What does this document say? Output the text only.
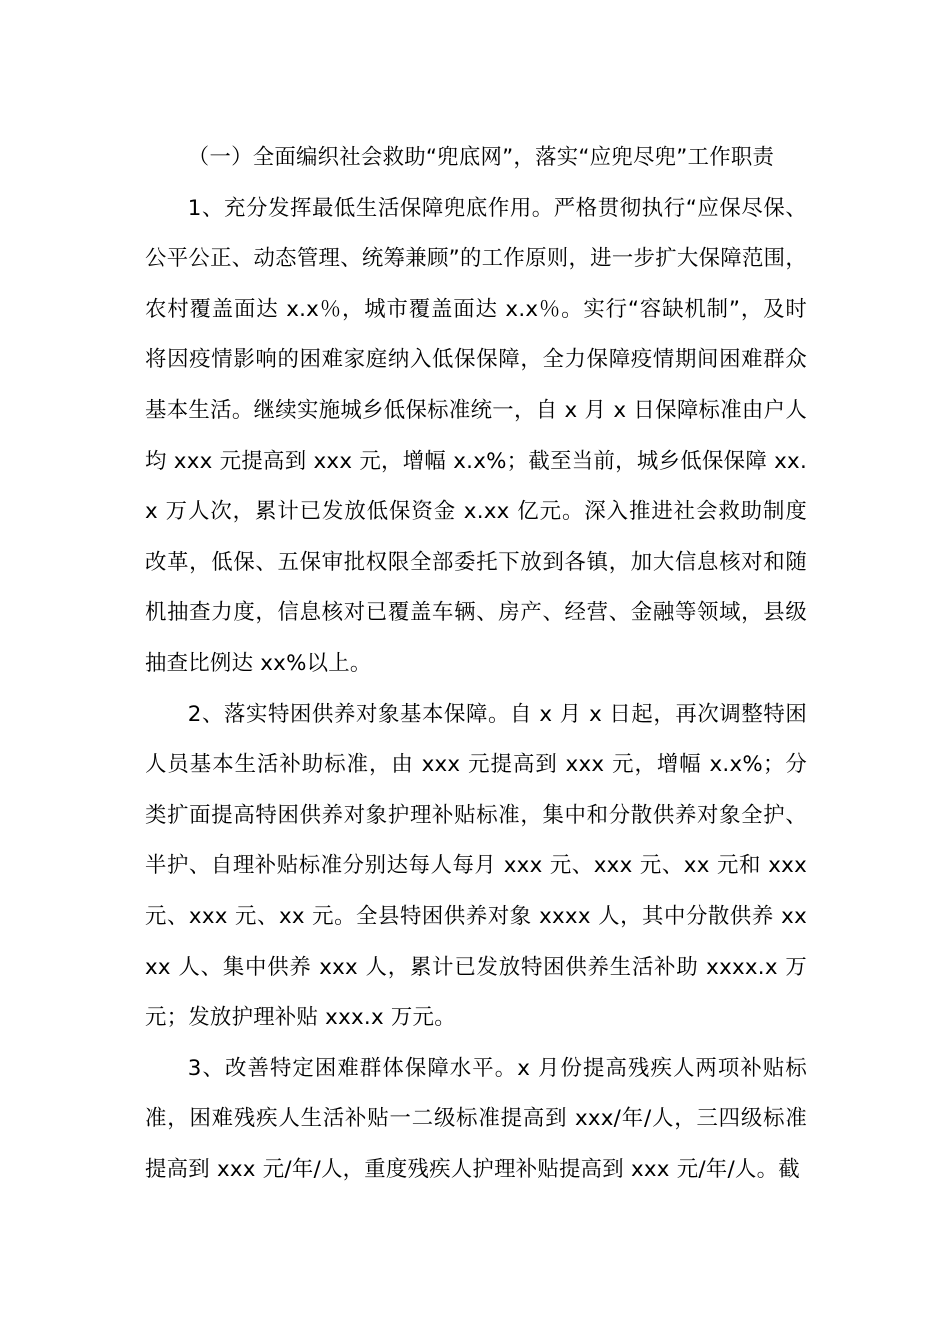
（一）全面编织社会救助“兜底网”，落实“应兜尽兜”工作职责

1、充分发挥最低生活保障兜底作用。严格贯彻执行“应保尽保、公平公正、动态管理、统筹兼顾”的工作原则，进一步扩大保障范围，农村覆盖面达 x.x％，城市覆盖面达 x.x％。实行“容缺机制”，及时将因疫情影响的困难家庭纳入低保保障，全力保障疫情期间困难群众基本生活。继续实施城乡低保标准统一，自 x 月 x 日保障标准由户人均 xxx 元提高到 xxx 元，增幅 x.x%；截至当前，城乡低保保障 xx.x 万人次，累计已发放低保资金 x.xx 亿元。深入推进社会救助制度改革，低保、五保审批权限全部委托下放到各镇，加大信息核对和随机抽查力度，信息核对已覆盖车辆、房产、经营、金融等领域，县级抽查比例达 xx%以上。

2、落实特困供养对象基本保障。自 x 月 x 日起，再次调整特困人员基本生活补助标准，由 xxx 元提高到 xxx 元，增幅 x.x%；分类扩面提高特困供养对象护理补贴标准，集中和分散供养对象全护、半护、自理补贴标准分别达每人每月 xxx 元、xxx 元、xx 元和 xxx 元、xxx 元、xx 元。全县特困供养对象 xxxx 人，其中分散供养 xxxx 人、集中供养 xxx 人，累计已发放特困供养生活补助 xxxx.x 万元；发放护理补贴 xxx.x 万元。

3、改善特定困难群体保障水平。x 月份提高残疾人两项补贴标准，困难残疾人生活补贴一二级标准提高到 xxx/年/人，三四级标准提高到 xxx 元/年/人，重度残疾人护理补贴提高到 xxx 元/年/人。截
